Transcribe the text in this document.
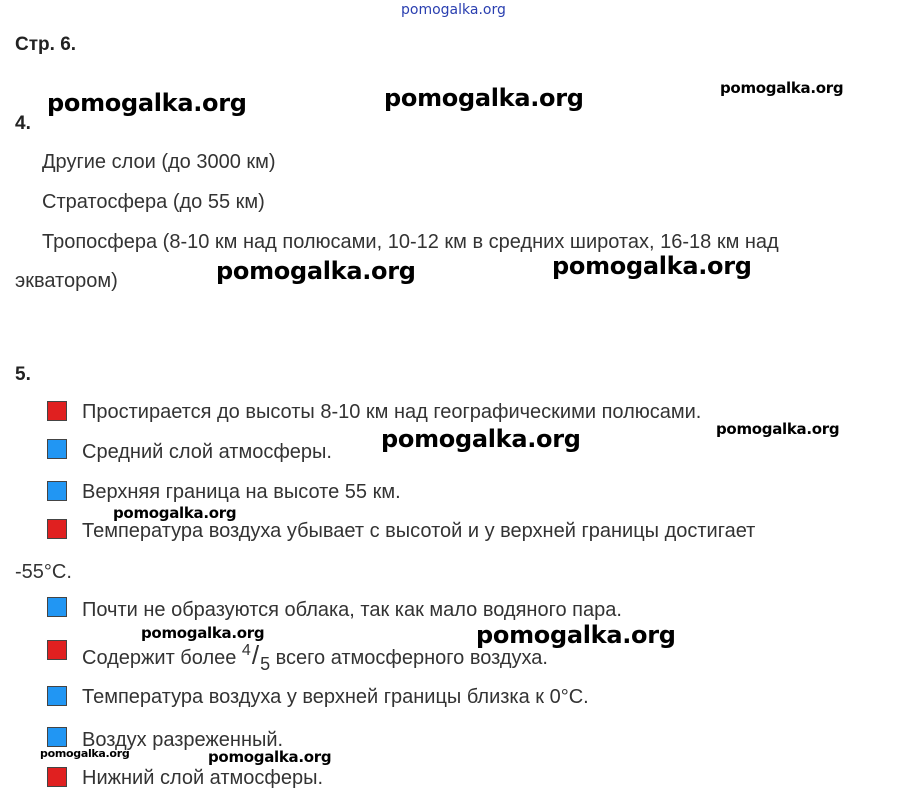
pomogalka.org
pomogalka.org	pomogalka.org	pomogalka.org
pomogalka.org	pomogalka.org
pomogalka.org	pomogalka.org
pomogalka.org
pomogalka.org	pomogalka.org
pomogalka.org	pomogalka.org
Стр. 6.
4.
Другие слои (до 3000 км)
Стратосфера (до 55 км)
Тропосфера (8-10 км над полюсами, 10-12 км в средних широтах, 16-18 км над
экватором)
5.
Простирается до высоты 8-10 км над географическими полюсами.
Средний слой атмосферы.
Верхняя граница на высоте 55 км.
Температура воздуха убывает с высотой и у верхней границы достигает
-55°С.
Почти не образуются облака, так как мало водяного пара.
Содержит более $^4/_5$ всего атмосферного воздуха.
Температура воздуха у верхней границы близка к 0°С.
Воздух разреженный.
Нижний слой атмосферы.
